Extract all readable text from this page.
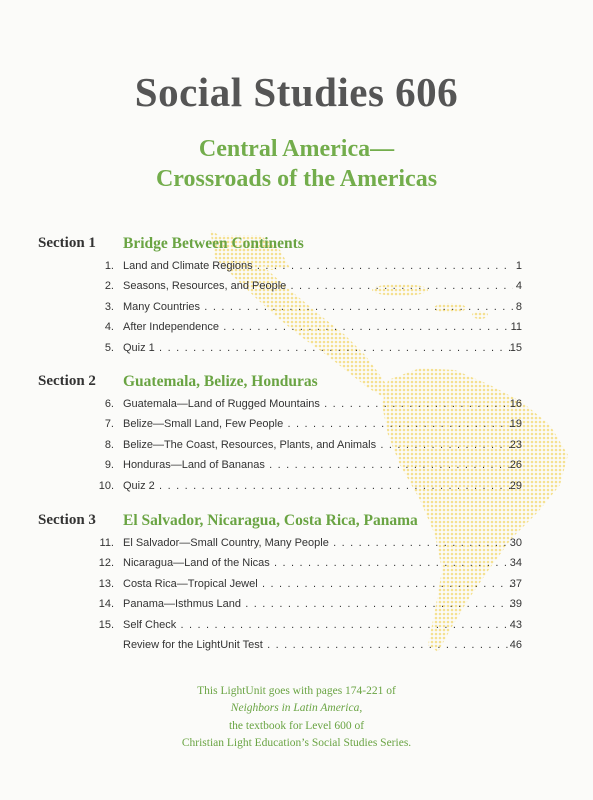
Social Studies 606
Central America—
Crossroads of the Americas
Section 1 Bridge Between Continents
1. Land and Climate Regions . . .	1
2. Seasons, Resources, and People . . .	4
3. Many Countries . . .	8
4. After Independence . . .	11
5. Quiz 1 . . .	15
Section 2 Guatemala, Belize, Honduras
6. Guatemala—Land of Rugged Mountains . . .	16
7. Belize—Small Land, Few People . . .	19
8. Belize—The Coast, Resources, Plants, and Animals . . .	23
9. Honduras—Land of Bananas . . .	26
10. Quiz 2 . . .	29
Section 3 El Salvador, Nicaragua, Costa Rica, Panama
11. El Salvador—Small Country, Many People . . .	30
12. Nicaragua—Land of the Nicas . . .	34
13. Costa Rica—Tropical Jewel . . .	37
14. Panama—Isthmus Land . . .	39
15. Self Check . . .	43
Review for the LightUnit Test . . .	46
This LightUnit goes with pages 174-221 of
Neighbors in Latin America,
the textbook for Level 600 of
Christian Light Education’s Social Studies Series.
